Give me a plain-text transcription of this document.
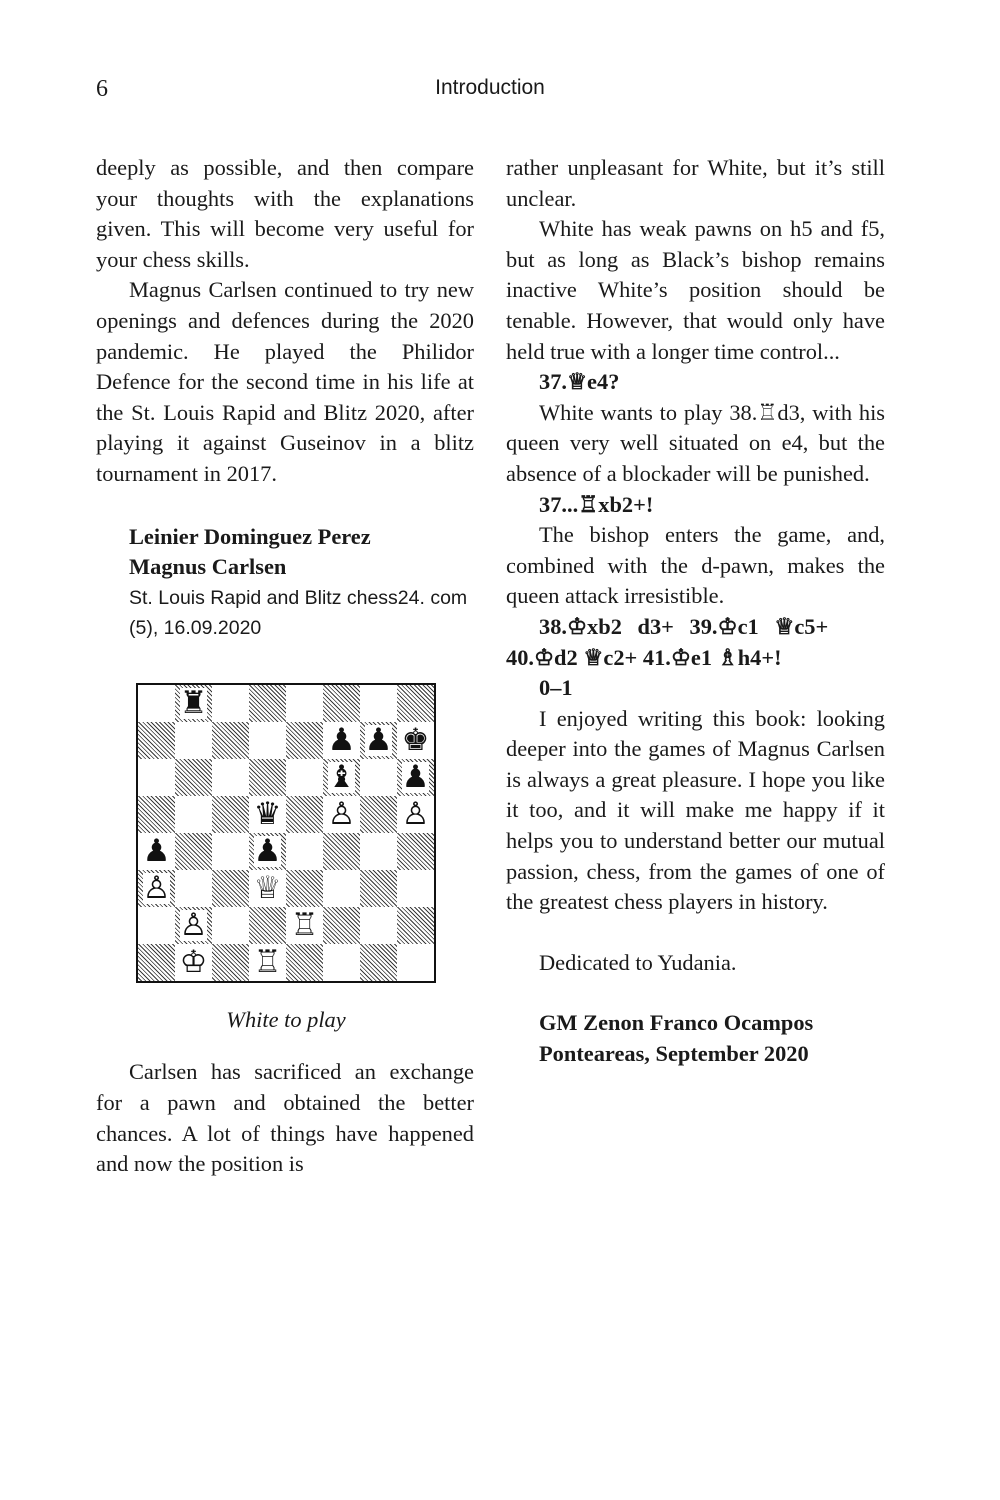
6	Introduction

deeply as possible, and then compare your thoughts with the explanations given. This will become very useful for your chess skills.

Magnus Carlsen continued to try new openings and defences during the 2020 pandemic. He played the Philidor Defence for the second time in his life at the St. Louis Rapid and Blitz 2020, after playing it against Guseinov in a blitz tournament in 2017.

Leinier Dominguez Perez
Magnus Carlsen
St. Louis Rapid and Blitz chess24. com (5), 16.09.2020
♜
♟ ♟ ♚
♝ ♟
♛ ♙ ♙
♟	♟
♙	♕
♙	♖
♔ ♖
White to play

Carlsen has sacrificed an exchange for a pawn and obtained the better chances. A lot of things have happened and now the position is

rather unpleasant for White, but it’s still unclear.

White has weak pawns on h5 and f5, but as long as Black’s bishop remains inactive White’s position should be tenable. However, that would only have held true with a longer time control...

37.♕e4?

White wants to play 38.♖d3, with his queen very well situated on e4, but the absence of a blockader will be punished.

37...♖xb2+!

The bishop enters the game, and, combined with the d-pawn, makes the queen attack irresistible.

38.♔xb2 d3+ 39.♔c1 ♕c5+
40.♔d2 ♕c2+ 41.♔e1 ♗h4+!
0–1

I enjoyed writing this book: looking deeper into the games of Magnus Carlsen is always a great pleasure. I hope you like it too, and it will make me happy if it helps you to understand better our mutual passion, chess, from the games of one of the greatest chess players in history.

Dedicated to Yudania.
GM Zenon Franco Ocampos
Ponteareas, September 2020
